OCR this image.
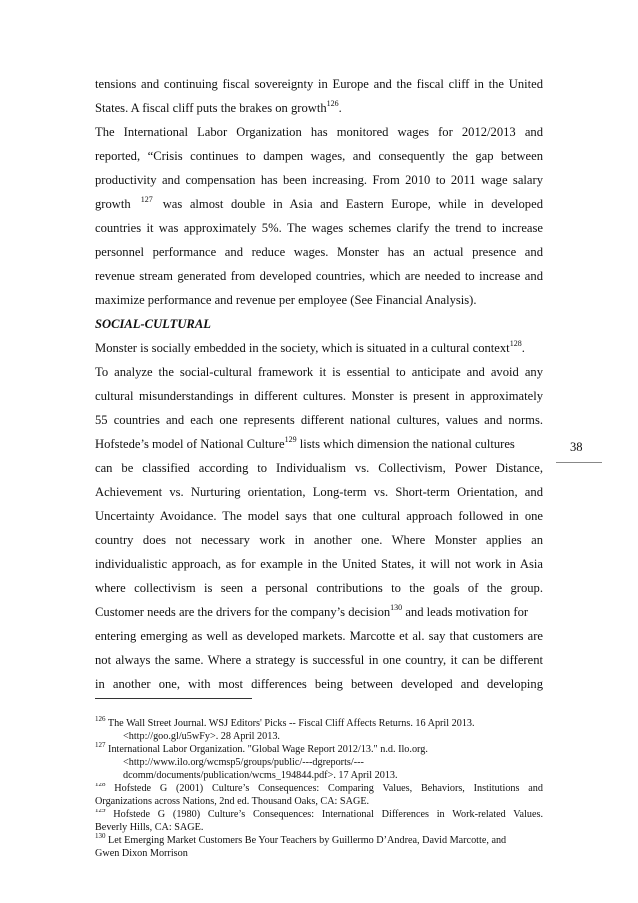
tensions and continuing fiscal sovereignty in Europe and the fiscal cliff in the United
States. A fiscal cliff puts the brakes on growth$^{126}$.
The International Labor Organization has monitored wages for 2012/2013 and
reported, “Crisis continues to dampen wages, and consequently the gap between
productivity and compensation has been increasing. From 2010 to 2011 wage salary
growth $^{127}$ was almost double in Asia and Eastern Europe, while in developed
countries it was approximately 5%. The wages schemes clarify the trend to increase
personnel performance and reduce wages. Monster has an actual presence and
revenue stream generated from developed countries, which are needed to increase and
maximize performance and revenue per employee (See Financial Analysis).
SOCIAL-CULTURAL
Monster is socially embedded in the society, which is situated in a cultural context$^{128}$.
To analyze the social-cultural framework it is essential to anticipate and avoid any
cultural misunderstandings in different cultures. Monster is present in approximately
55 countries and each one represents different national cultures, values and norms.
Hofstede’s model of National Culture$^{129}$ lists which dimension the national cultures
can be classified according to Individualism vs. Collectivism, Power Distance,
Achievement vs. Nurturing orientation, Long-term vs. Short-term Orientation, and
Uncertainty Avoidance. The model says that one cultural approach followed in one
country does not necessary work in another one. Where Monster applies an
individualistic approach, as for example in the United States, it will not work in Asia
where collectivism is seen a personal contributions to the goals of the group.
Customer needs are the drivers for the company’s decision$^{130}$ and leads motivation for
entering emerging as well as developed markets. Marcotte et al. say that customers are
not always the same. Where a strategy is successful in one country, it can be different
in another one, with most differences being between developed and developing
38
$^{126}$ The Wall Street Journal. WSJ Editors' Picks -- Fiscal Cliff Affects Returns. 16 April 2013.
<http://goo.gl/u5wFy>. 28 April 2013.
$^{127}$ International Labor Organization. "Global Wage Report 2012/13." n.d. Ilo.org.
<http://www.ilo.org/wcmsp5/groups/public/---dgreports/---
dcomm/documents/publication/wcms_194844.pdf>. 17 April 2013.
$^{128}$ Hofstede G (2001) Culture’s Consequences: Comparing Values, Behaviors, Institutions and
Organizations across Nations, 2nd ed. Thousand Oaks, CA: SAGE.
$^{129}$ Hofstede G (1980) Culture’s Consequences: International Differences in Work-related Values.
Beverly Hills, CA: SAGE.
$^{130}$ Let Emerging Market Customers Be Your Teachers by Guillermo D’Andrea, David Marcotte, and
Gwen Dixon Morrison
